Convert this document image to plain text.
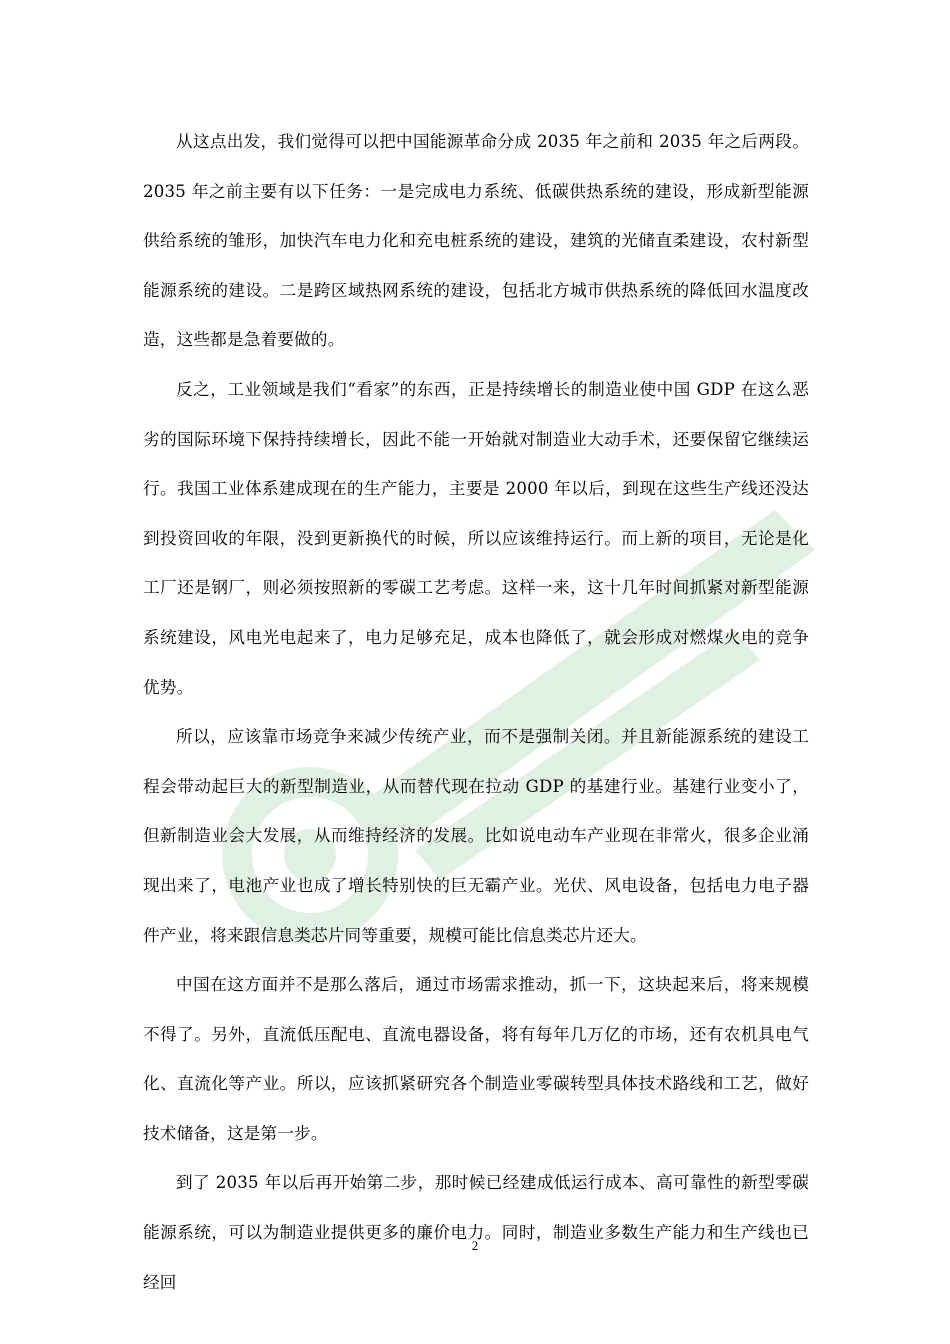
从这点出发，我们觉得可以把中国能源革命分成 2035 年之前和 2035 年之后两段。2035 年之前主要有以下任务：一是完成电力系统、低碳供热系统的建设，形成新型能源供给系统的雏形，加快汽车电力化和充电桩系统的建设，建筑的光储直柔建设，农村新型能源系统的建设。二是跨区域热网系统的建设，包括北方城市供热系统的降低回水温度改造，这些都是急着要做的。

反之，工业领域是我们“看家”的东西，正是持续增长的制造业使中国 GDP 在这么恶劣的国际环境下保持持续增长，因此不能一开始就对制造业大动手术，还要保留它继续运行。我国工业体系建成现在的生产能力，主要是 2000 年以后，到现在这些生产线还没达到投资回收的年限，没到更新换代的时候，所以应该维持运行。而上新的项目，无论是化工厂还是钢厂，则必须按照新的零碳工艺考虑。这样一来，这十几年时间抓紧对新型能源系统建设，风电光电起来了，电力足够充足，成本也降低了，就会形成对燃煤火电的竞争优势。

所以，应该靠市场竞争来减少传统产业，而不是强制关闭。并且新能源系统的建设工程会带动起巨大的新型制造业，从而替代现在拉动 GDP 的基建行业。基建行业变小了，但新制造业会大发展，从而维持经济的发展。比如说电动车产业现在非常火，很多企业涌现出来了，电池产业也成了增长特别快的巨无霸产业。光伏、风电设备，包括电力电子器件产业，将来跟信息类芯片同等重要，规模可能比信息类芯片还大。

中国在这方面并不是那么落后，通过市场需求推动，抓一下，这块起来后，将来规模不得了。另外，直流低压配电、直流电器设备，将有每年几万亿的市场，还有农机具电气化、直流化等产业。所以，应该抓紧研究各个制造业零碳转型具体技术路线和工艺，做好技术储备，这是第一步。

到了 2035 年以后再开始第二步，那时候已经建成低运行成本、高可靠性的新型零碳能源系统，可以为制造业提供更多的廉价电力。同时，制造业多数生产能力和生产线也已经回

2
